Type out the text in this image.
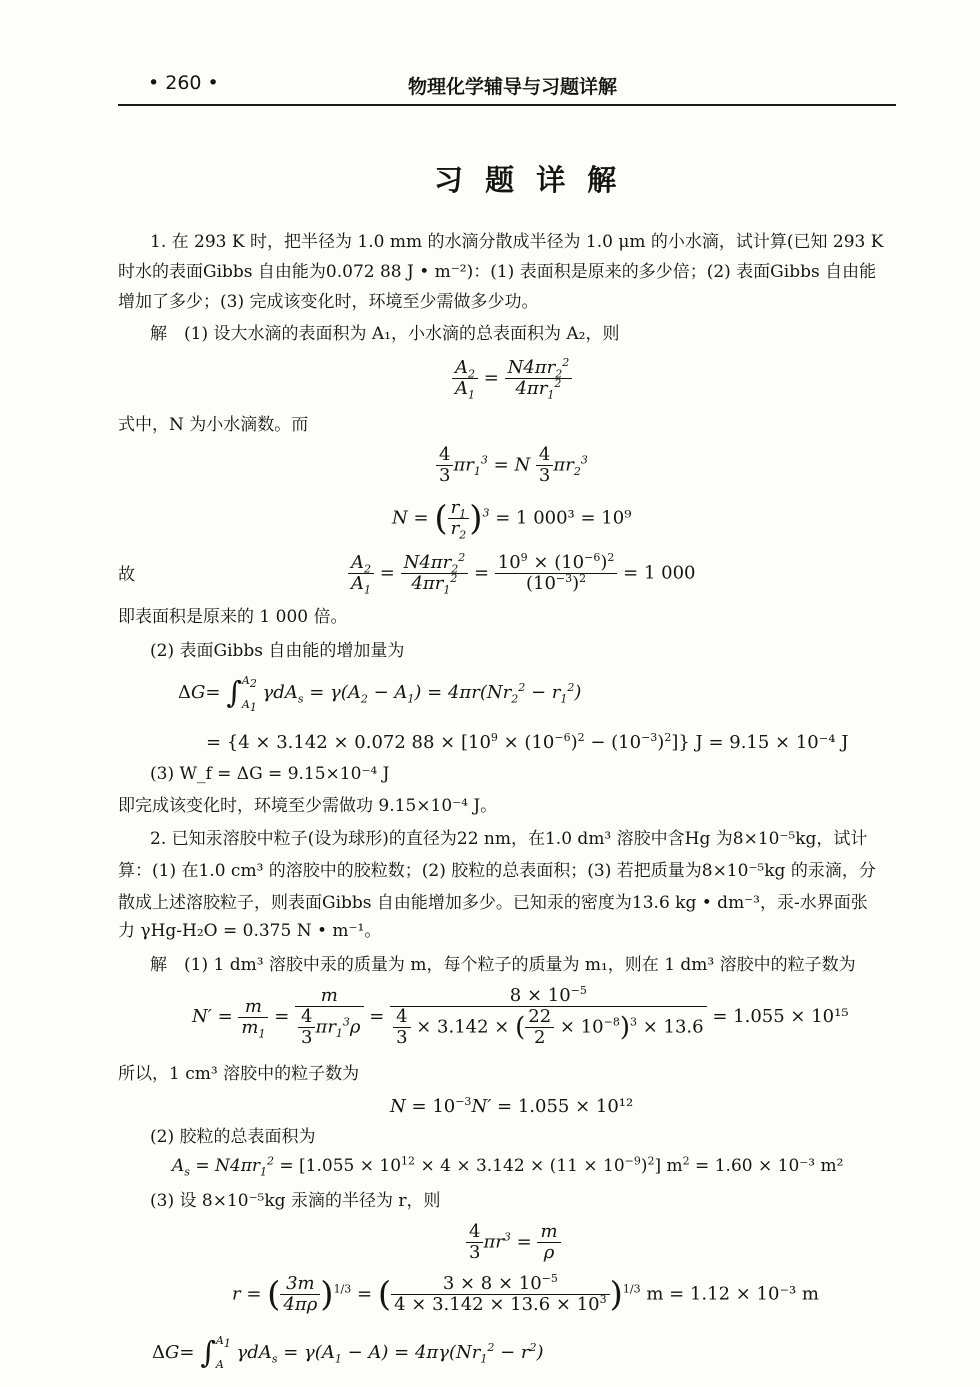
• 260 •	物理化学辅导与习题详解
习 题 详 解
1. 在 293 K 时，把半径为 1.0 mm 的水滴分散成半径为 1.0 μm 的小水滴，试计算(已知 293 K
时水的表面Gibbs 自由能为0.072 88 J • m⁻²)：(1) 表面积是原来的多少倍；(2) 表面Gibbs 自由能
增加了多少；(3) 完成该变化时，环境至少需做多少功。
解　(1) 设大水滴的表面积为 A₁，小水滴的总表面积为 A₂，则
$\frac{A_2}{A_1} = \frac{N4\pi r_2^2}{4\pi r_1^2}$
式中，N 为小水滴数。而
$\frac{4}{3} \pi r_1^3 = N \frac{4}{3} \pi r_2^3$
N = ( $\frac{r_1}{r_2} )^3 = 1$ 000³ = 10⁹
故	$\frac{A_2}{A_1} = \frac{N4\pi r_2^2}{4\pi r_1^2} = \frac{10^9 \times (10^{-6})^2}{(10^{-3})^2} = 1$ 000
即表面积是原来的 1 000 倍。
(2) 表面Gibbs 自由能的增加量为
ΔG= ∫ $A_2$
$A_1$
$\gamma dA_s = \gamma(A_2 - A_1) = 4\pi r(Nr_2^2 - r_1^2)$
= {4 × 3.142 × 0.072 $88 \times [10^9 \times (10^{-6})^2 - (10^{-3})^2]$} J = 9.15 × 10⁻⁴ J
(3) W_f = ΔG = 9.15×10⁻⁴ J
即完成该变化时，环境至少需做功 9.15×10⁻⁴ J。
2. 已知汞溶胶中粒子(设为球形)的直径为22 nm，在1.0 dm³ 溶胶中含Hg 为8×10⁻⁵kg，试计
算：(1) 在1.0 cm³ 的溶胶中的胶粒数；(2) 胶粒的总表面积；(3) 若把质量为8×10⁻⁵kg 的汞滴，分
散成上述溶胶粒子，则表面Gibbs 自由能增加多少。已知汞的密度为13.6 kg • dm⁻³，汞-水界面张
力 γHg-H₂O = 0.375 N • m⁻¹。
解　(1) 1 dm³ 溶胶中汞的质量为 m，每个粒子的质量为 m₁，则在 1 dm³ 溶胶中的粒子数为
$N' = \frac{m}{m_1} = \frac{m}{\frac{4}{3} \pi r_1^3\rho} = \frac{8 \times 10^{-5}}{\frac{4}{3} \times 3.142 \times ( \frac{22}{2} \times 10^{-8})^3 \times 13.6} = 1.055 \times 10^{15}$
所以，1 cm³ 溶胶中的粒子数为
$N = 10^{-3}N' = 1.055 \times 10^{12}$
(2) 胶粒的总表面积为
$A_s = N4\pi r_1^2 = [1.055 \times 10^{12} \times 4 \times 3.142 \times (11 \times 10^{-9})^2] m^2 = 1.60 \times 10^{-3}$ m²
(3) 设 8×10⁻⁵kg 汞滴的半径为 r，则
$\frac{4}{3} \pi r^3 = \frac{m}{\rho}$
r = ( $\frac{3m}{4\pi\rho} )^{1/3}$ = ( $\frac{3 \times 8 \times 10^{-5}}{4 \times 3.142 \times 13.6 \times 10^3} )^{1/3}$ m = 1.12 × 10⁻³ m
ΔG= ∫ $A_1$
A
$\gamma dA_s = \gamma(A_1 - A) = 4\pi\gamma(Nr_1^2 - r^2)$
